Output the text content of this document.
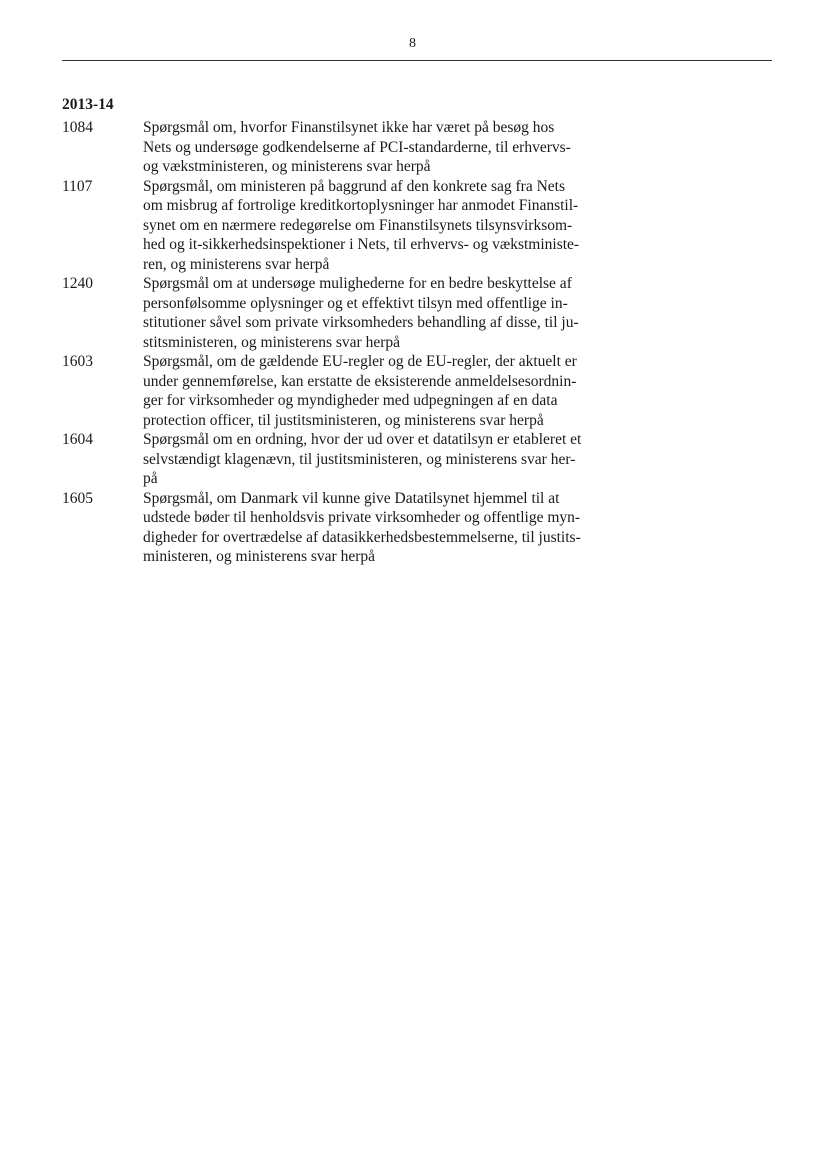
8
2013-14
1084	Spørgsmål om, hvorfor Finanstilsynet ikke har været på besøg hos
Nets og undersøge godkendelserne af PCI-standarderne, til erhvervs-
og vækstministeren, og ministerens svar herpå
1107	Spørgsmål, om ministeren på baggrund af den konkrete sag fra Nets
om misbrug af fortrolige kreditkortoplysninger har anmodet Finanstil-
synet om en nærmere redegørelse om Finanstilsynets tilsynsvirksom-
hed og it-sikkerhedsinspektioner i Nets, til erhvervs- og vækstministe-
ren, og ministerens svar herpå
1240	Spørgsmål om at undersøge mulighederne for en bedre beskyttelse af
personfølsomme oplysninger og et effektivt tilsyn med offentlige in-
stitutioner såvel som private virksomheders behandling af disse, til ju-
stitsministeren, og ministerens svar herpå
1603	Spørgsmål, om de gældende EU-regler og de EU-regler, der aktuelt er
under gennemførelse, kan erstatte de eksisterende anmeldelsesordnin-
ger for virksomheder og myndigheder med udpegningen af en data
protection officer, til justitsministeren, og ministerens svar herpå
1604	Spørgsmål om en ordning, hvor der ud over et datatilsyn er etableret et
selvstændigt klagenævn, til justitsministeren, og ministerens svar her-
på
1605	Spørgsmål, om Danmark vil kunne give Datatilsynet hjemmel til at
udstede bøder til henholdsvis private virksomheder og offentlige myn-
digheder for overtrædelse af datasikkerhedsbestemmelserne, til justits-
ministeren, og ministerens svar herpå
